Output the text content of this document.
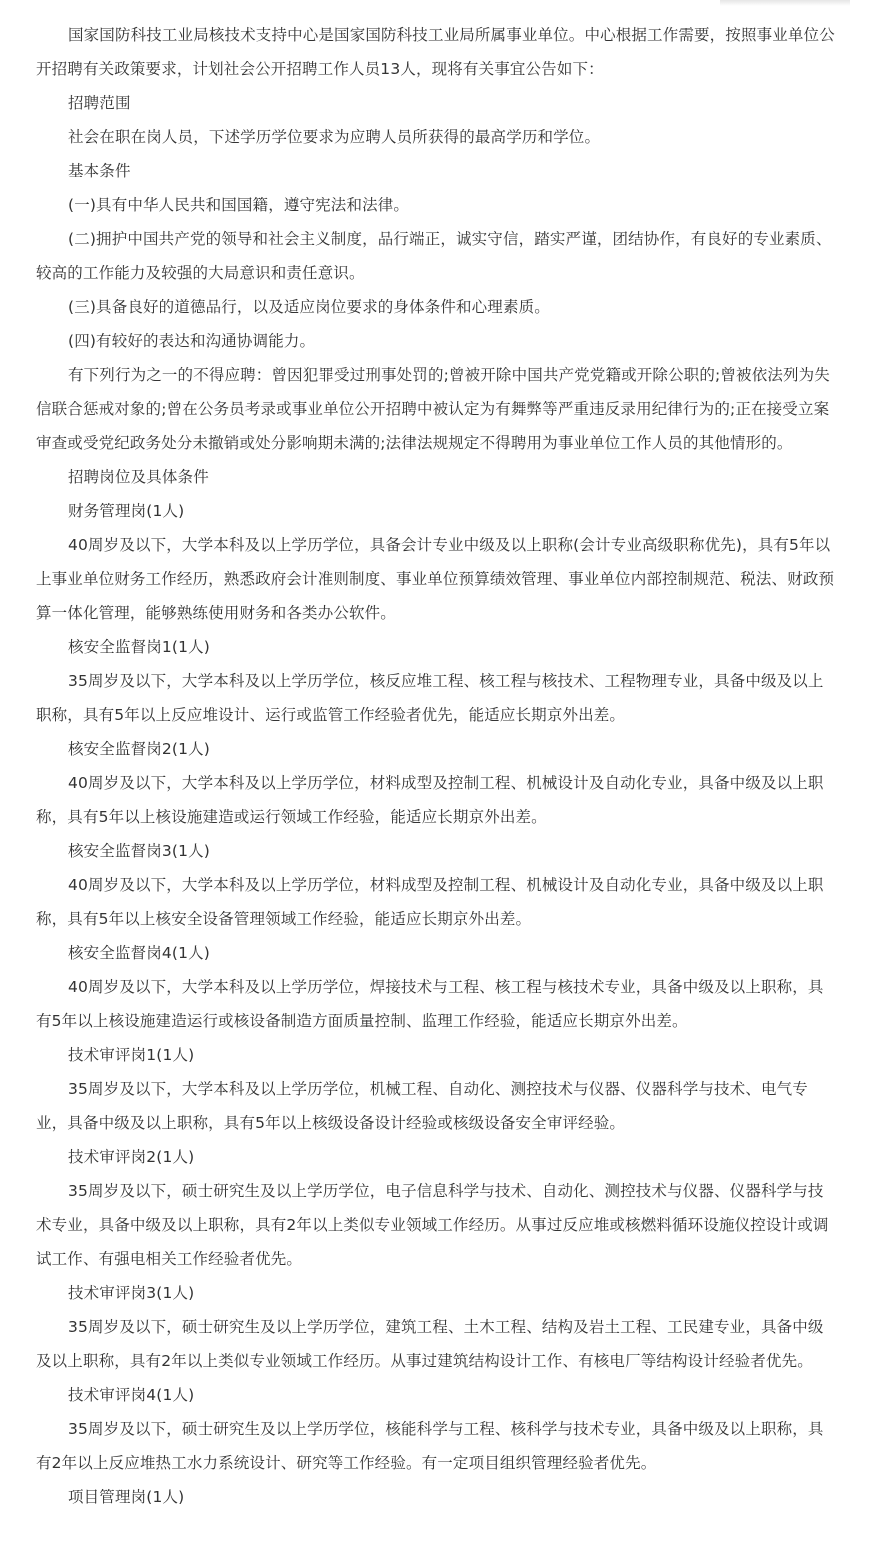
国家国防科技工业局核技术支持中心是国家国防科技工业局所属事业单位。中心根据工作需要，按照事业单位公开招聘有关政策要求，计划社会公开招聘工作人员13人，现将有关事宜公告如下：

招聘范围

社会在职在岗人员，下述学历学位要求为应聘人员所获得的最高学历和学位。

基本条件

(一)具有中华人民共和国国籍，遵守宪法和法律。

(二)拥护中国共产党的领导和社会主义制度，品行端正，诚实守信，踏实严谨，团结协作，有良好的专业素质、较高的工作能力及较强的大局意识和责任意识。

(三)具备良好的道德品行，以及适应岗位要求的身体条件和心理素质。

(四)有较好的表达和沟通协调能力。

有下列行为之一的不得应聘：曾因犯罪受过刑事处罚的;曾被开除中国共产党党籍或开除公职的;曾被依法列为失信联合惩戒对象的;曾在公务员考录或事业单位公开招聘中被认定为有舞弊等严重违反录用纪律行为的;正在接受立案审查或受党纪政务处分未撤销或处分影响期未满的;法律法规规定不得聘用为事业单位工作人员的其他情形的。

招聘岗位及具体条件

财务管理岗(1人)

40周岁及以下，大学本科及以上学历学位，具备会计专业中级及以上职称(会计专业高级职称优先)，具有5年以上事业单位财务工作经历，熟悉政府会计准则制度、事业单位预算绩效管理、事业单位内部控制规范、税法、财政预算一体化管理，能够熟练使用财务和各类办公软件。

核安全监督岗1(1人)

35周岁及以下，大学本科及以上学历学位，核反应堆工程、核工程与核技术、工程物理专业，具备中级及以上职称，具有5年以上反应堆设计、运行或监管工作经验者优先，能适应长期京外出差。

核安全监督岗2(1人)

40周岁及以下，大学本科及以上学历学位，材料成型及控制工程、机械设计及自动化专业，具备中级及以上职称，具有5年以上核设施建造或运行领域工作经验，能适应长期京外出差。

核安全监督岗3(1人)

40周岁及以下，大学本科及以上学历学位，材料成型及控制工程、机械设计及自动化专业，具备中级及以上职称，具有5年以上核安全设备管理领域工作经验，能适应长期京外出差。

核安全监督岗4(1人)

40周岁及以下，大学本科及以上学历学位，焊接技术与工程、核工程与核技术专业，具备中级及以上职称，具有5年以上核设施建造运行或核设备制造方面质量控制、监理工作经验，能适应长期京外出差。

技术审评岗1(1人)

35周岁及以下，大学本科及以上学历学位，机械工程、自动化、测控技术与仪器、仪器科学与技术、电气专业，具备中级及以上职称，具有5年以上核级设备设计经验或核级设备安全审评经验。

技术审评岗2(1人)

35周岁及以下，硕士研究生及以上学历学位，电子信息科学与技术、自动化、测控技术与仪器、仪器科学与技术专业，具备中级及以上职称，具有2年以上类似专业领域工作经历。从事过反应堆或核燃料循环设施仪控设计或调试工作、有强电相关工作经验者优先。

技术审评岗3(1人)

35周岁及以下，硕士研究生及以上学历学位，建筑工程、土木工程、结构及岩土工程、工民建专业，具备中级及以上职称，具有2年以上类似专业领域工作经历。从事过建筑结构设计工作、有核电厂等结构设计经验者优先。

技术审评岗4(1人)

35周岁及以下，硕士研究生及以上学历学位，核能科学与工程、核科学与技术专业，具备中级及以上职称，具有2年以上反应堆热工水力系统设计、研究等工作经验。有一定项目组织管理经验者优先。

项目管理岗(1人)
